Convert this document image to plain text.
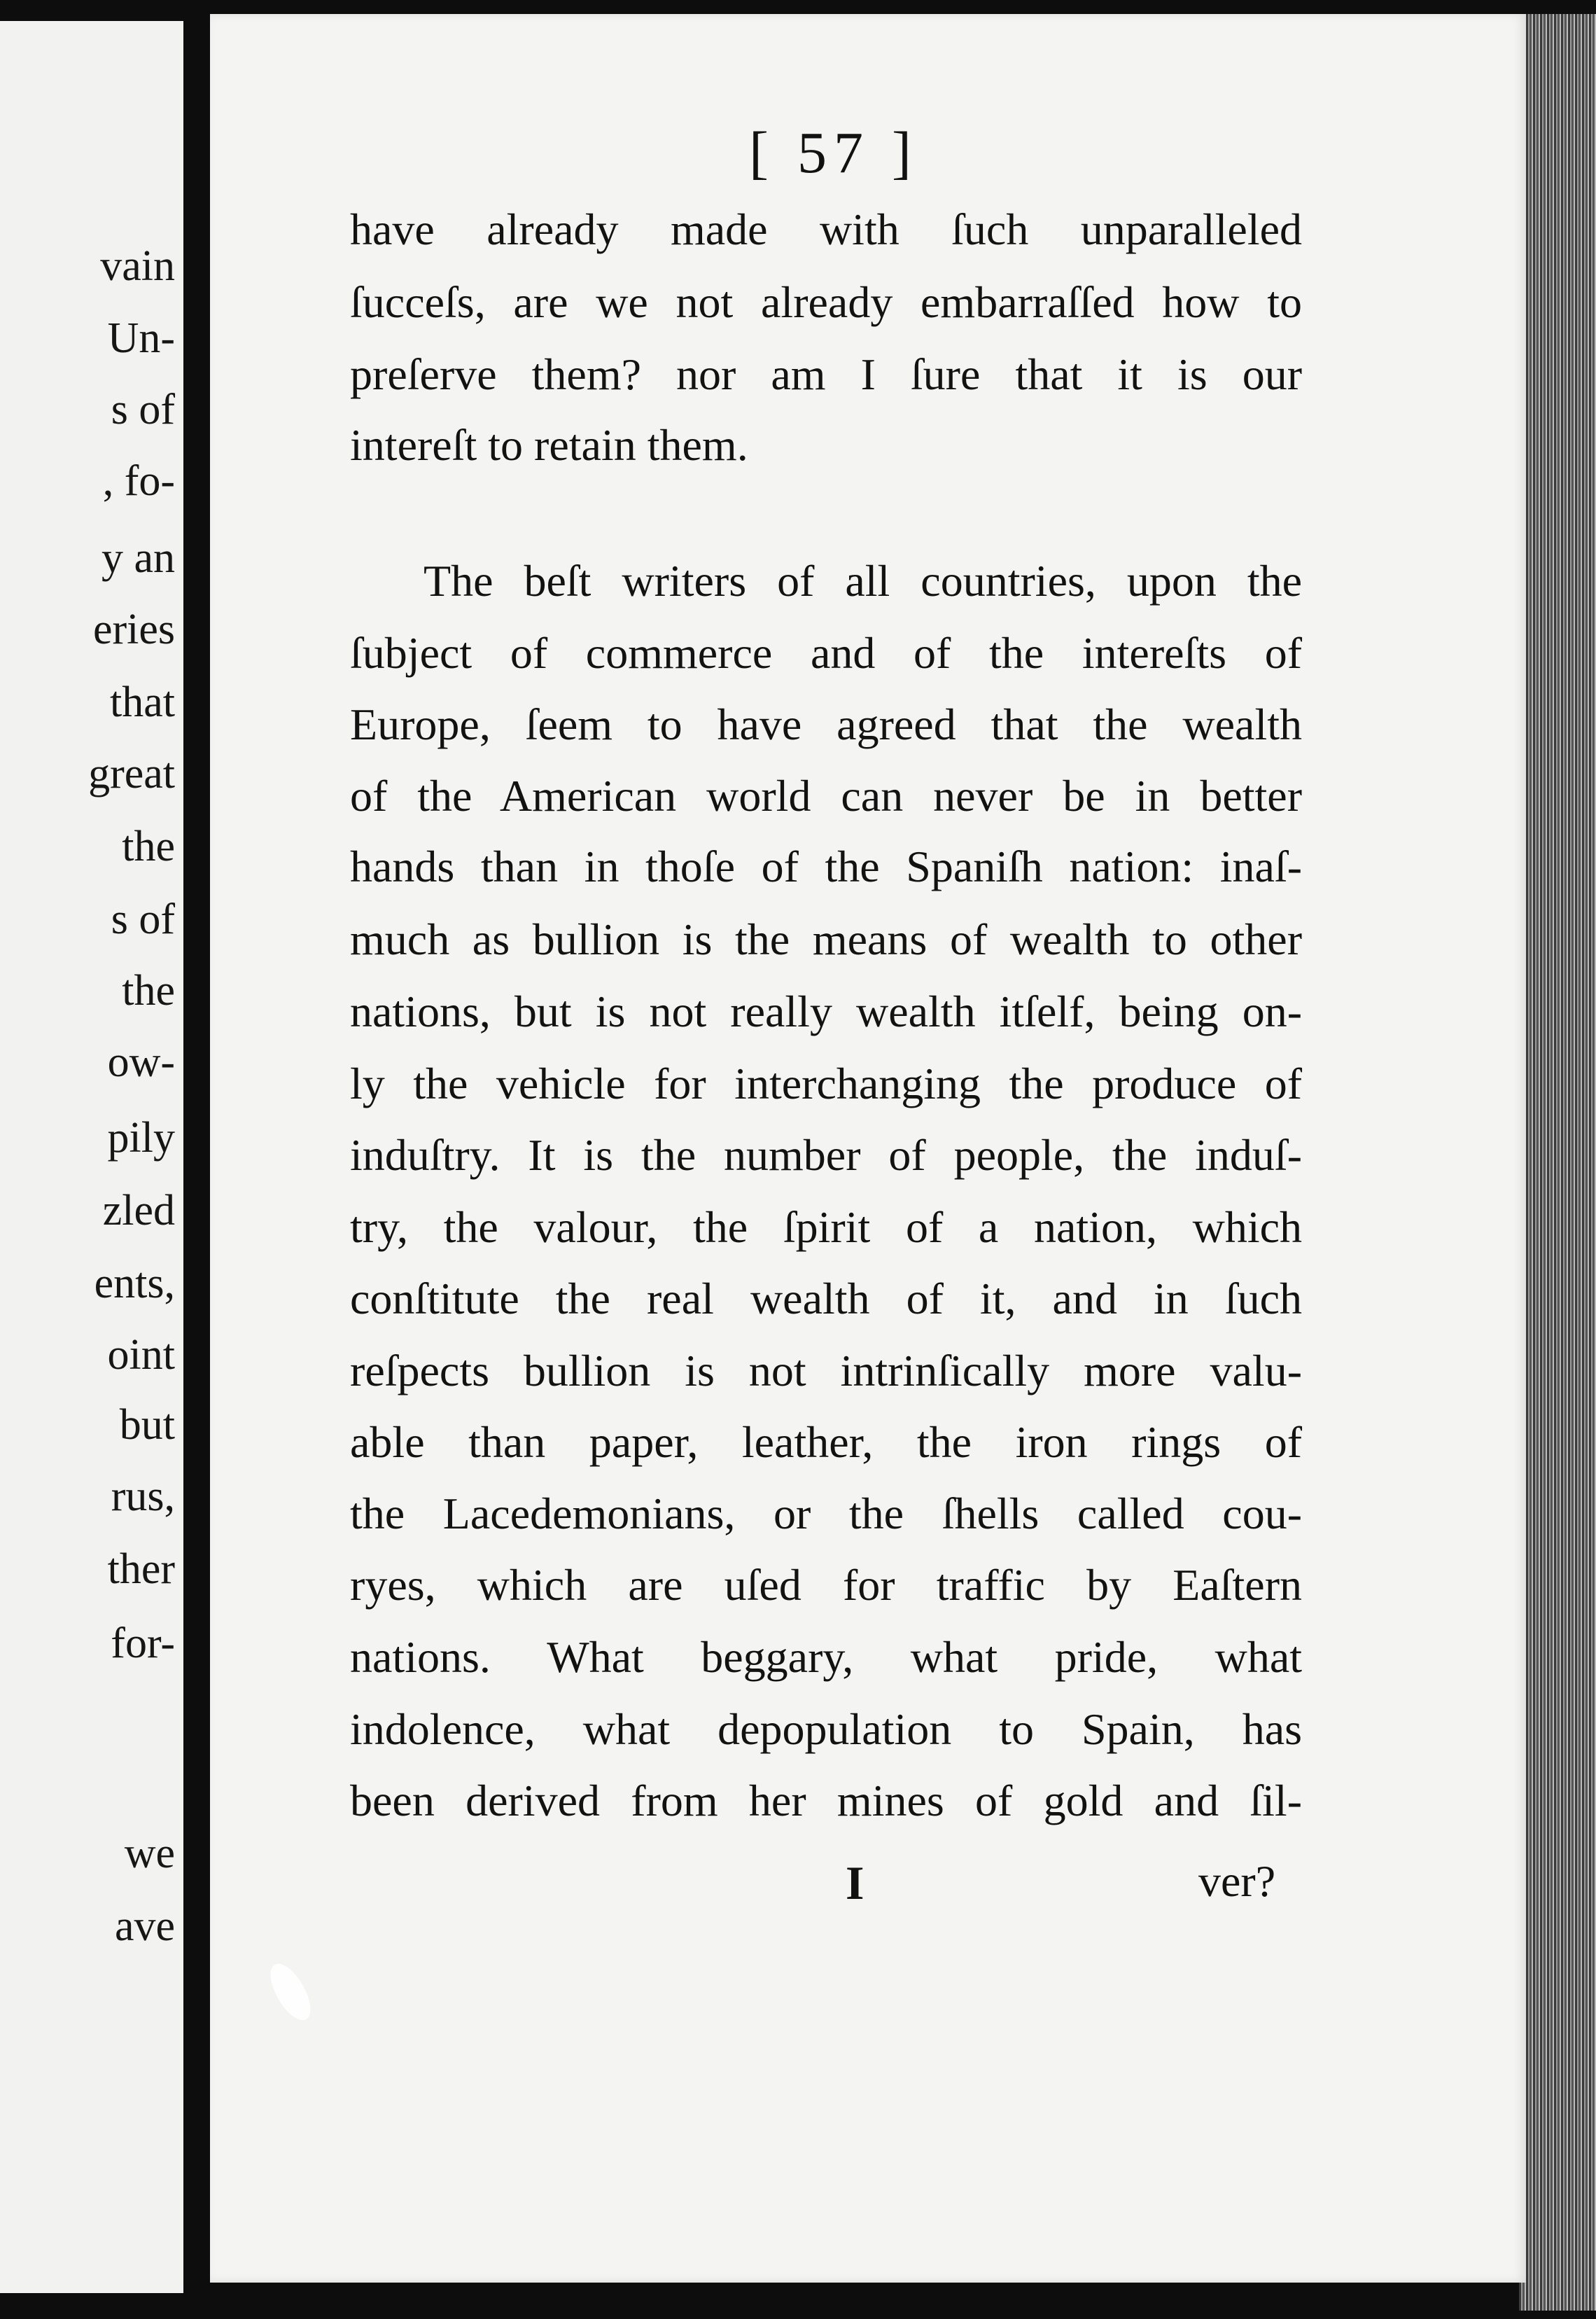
vain
Un-
s of
, fo-
y an
eries
that
great
the
s of
the
ow-
pily
zled
ents,
oint
but
rus,
ther
for-
we
ave
[ 57 ]
have already made with ſuch unparalleled
ſucceſs, are we not already embarraſſed how to
preſerve them? nor am I ſure that it is our
intereſt to retain them.
The beſt writers of all countries, upon the
ſubject of commerce and of the intereſts of
Europe, ſeem to have agreed that the wealth
of the American world can never be in better
hands than in thoſe of the Spaniſh nation: inaſ-
much as bullion is the means of wealth to other
nations, but is not really wealth itſelf, being on-
ly the vehicle for interchanging the produce of
induſtry. It is the number of people, the induſ-
try, the valour, the ſpirit of a nation, which
conſtitute the real wealth of it, and in ſuch
reſpects bullion is not intrinſically more valu-
able than paper, leather, the iron rings of
the Lacedemonians, or the ſhells called cou-
ryes, which are uſed for traffic by Eaſtern
nations. What beggary, what pride, what
indolence, what depopulation to Spain, has
been derived from her mines of gold and ſil-
I	ver?
